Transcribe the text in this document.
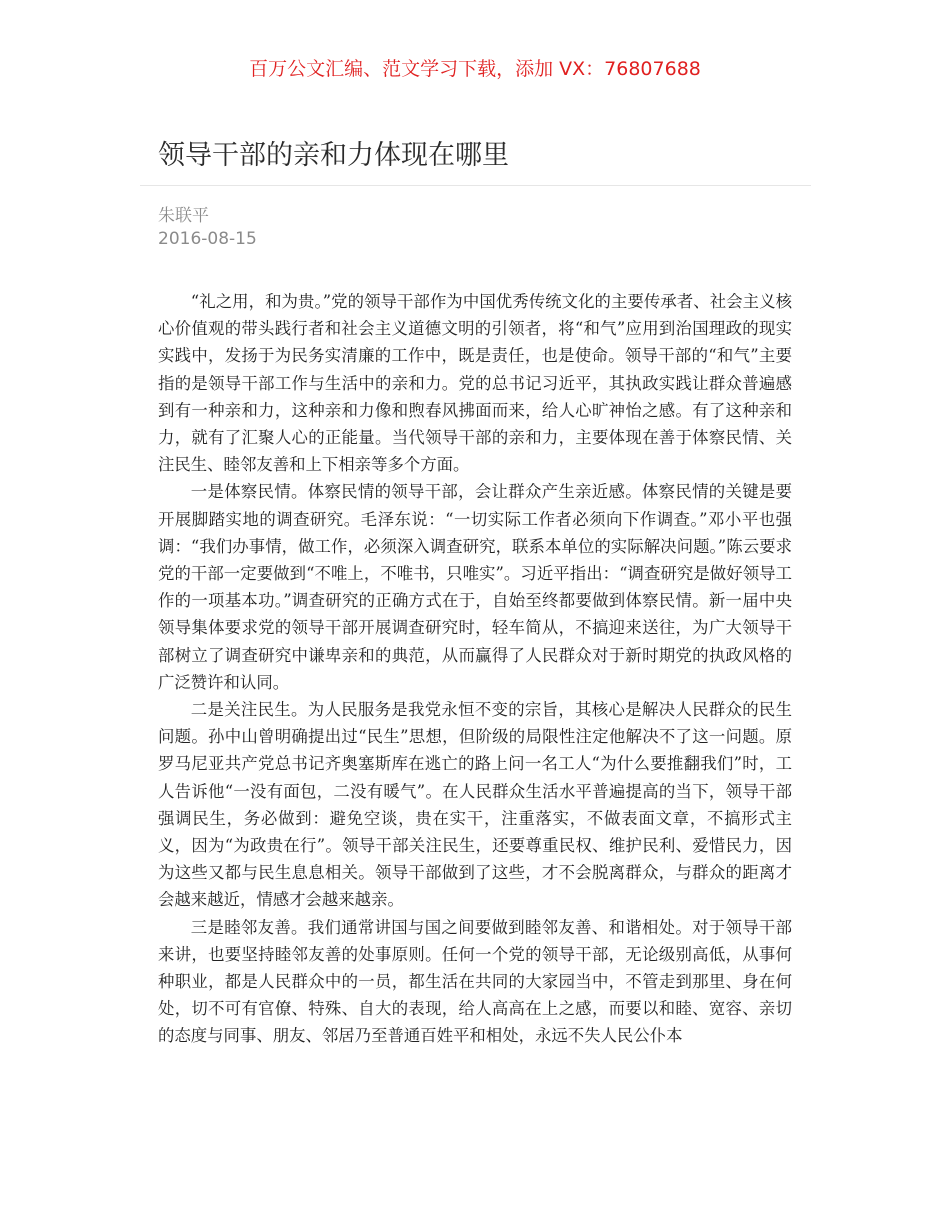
百万公文汇编、范文学习下载，添加 VX：76807688
领导干部的亲和力体现在哪里
朱联平
2016-08-15

“礼之用，和为贵。”党的领导干部作为中国优秀传统文化的主要传承者、社会主义核心价值观的带头践行者和社会主义道德文明的引领者，将“和气”应用到治国理政的现实实践中，发扬于为民务实清廉的工作中，既是责任，也是使命。领导干部的“和气”主要指的是领导干部工作与生活中的亲和力。党的总书记习近平，其执政实践让群众普遍感到有一种亲和力，这种亲和力像和煦春风拂面而来，给人心旷神怡之感。有了这种亲和力，就有了汇聚人心的正能量。当代领导干部的亲和力，主要体现在善于体察民情、关注民生、睦邻友善和上下相亲等多个方面。

一是体察民情。体察民情的领导干部，会让群众产生亲近感。体察民情的关键是要开展脚踏实地的调查研究。毛泽东说：“一切实际工作者必须向下作调查。”邓小平也强调：“我们办事情，做工作，必须深入调查研究，联系本单位的实际解决问题。”陈云要求党的干部一定要做到“不唯上，不唯书，只唯实”。习近平指出：“调查研究是做好领导工作的一项基本功。”调查研究的正确方式在于，自始至终都要做到体察民情。新一届中央领导集体要求党的领导干部开展调查研究时，轻车简从，不搞迎来送往，为广大领导干部树立了调查研究中谦卑亲和的典范，从而赢得了人民群众对于新时期党的执政风格的广泛赞许和认同。

二是关注民生。为人民服务是我党永恒不变的宗旨，其核心是解决人民群众的民生问题。孙中山曾明确提出过“民生”思想，但阶级的局限性注定他解决不了这一问题。原罗马尼亚共产党总书记齐奥塞斯库在逃亡的路上问一名工人“为什么要推翻我们”时，工人告诉他“一没有面包，二没有暖气”。在人民群众生活水平普遍提高的当下，领导干部强调民生，务必做到：避免空谈，贵在实干，注重落实，不做表面文章，不搞形式主义，因为“为政贵在行”。领导干部关注民生，还要尊重民权、维护民利、爱惜民力，因为这些又都与民生息息相关。领导干部做到了这些，才不会脱离群众，与群众的距离才会越来越近，情感才会越来越亲。

三是睦邻友善。我们通常讲国与国之间要做到睦邻友善、和谐相处。对于领导干部来讲，也要坚持睦邻友善的处事原则。任何一个党的领导干部，无论级别高低，从事何种职业，都是人民群众中的一员，都生活在共同的大家园当中，不管走到那里、身在何处，切不可有官僚、特殊、自大的表现，给人高高在上之感，而要以和睦、宽容、亲切的态度与同事、朋友、邻居乃至普通百姓平和相处，永远不失人民公仆本
